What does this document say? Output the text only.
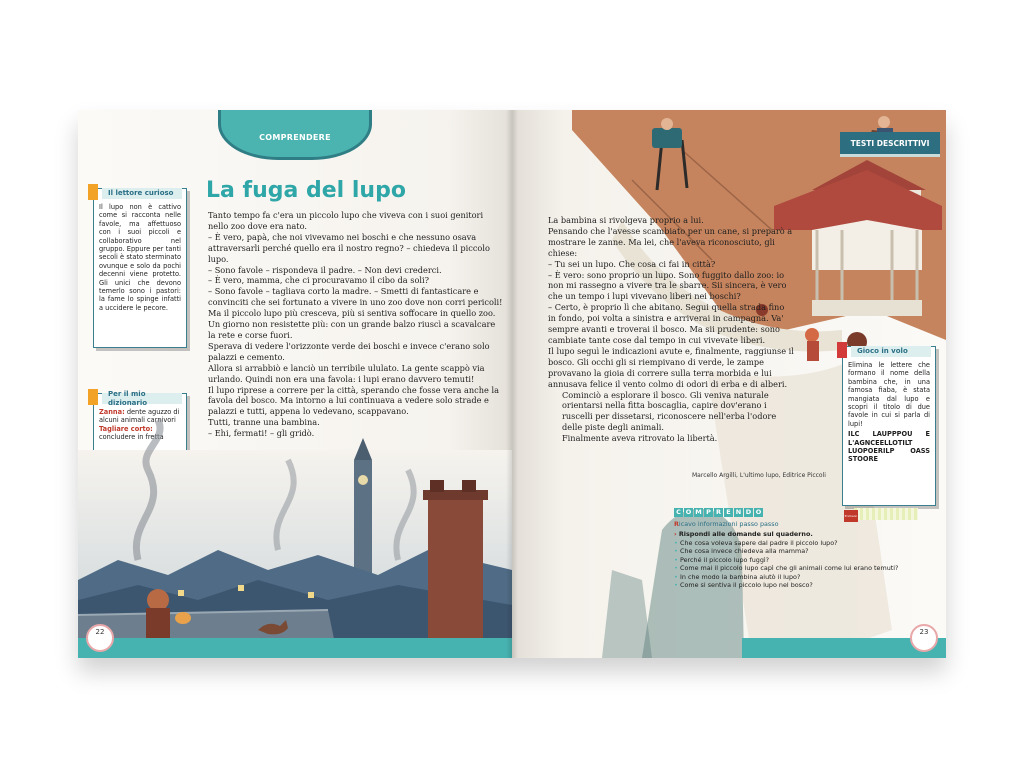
COMPRENDERE
La fuga del lupo

Tanto tempo fa c'era un piccolo lupo che viveva con i suoi genitori nello zoo dove era nato.

– È vero, papà, che noi vivevamo nei boschi e che nessuno osava attraversarli perché quello era il nostro regno? – chiedeva il piccolo lupo.

– Sono favole – rispondeva il padre. – Non devi crederci.

– È vero, mamma, che ci procuravamo il cibo da soli?

– Sono favole – tagliava corto la madre. – Smetti di fantasticare e convinciti che sei fortunato a vivere in uno zoo dove non corri pericoli!

Ma il piccolo lupo più cresceva, più si sentiva soffocare in quello zoo.

Un giorno non resistette più: con un grande balzo riuscì a scavalcare la rete e corse fuori.

Sperava di vedere l'orizzonte verde dei boschi e invece c'erano solo palazzi e cemento.

Allora si arrabbiò e lanciò un terribile ululato. La gente scappò via urlando. Quindi non era una favola: i lupi erano davvero temuti!

Il lupo riprese a correre per la città, sperando che fosse vera anche la favola del bosco. Ma intorno a lui continuava a vedere solo strade e palazzi e tutti, appena lo vedevano, scappavano.

Tutti, tranne una bambina.

– Ehi, fermati! – gli gridò.

Il lettore curioso
Il lupo non è cattivo come si racconta nelle favole, ma affettuoso con i suoi piccoli e collaborativo nel gruppo. Eppure per tanti secoli è stato sterminato ovunque e solo da pochi decenni viene protetto. Gli unici che devono temerlo sono i pastori: la fame lo spinge infatti a uccidere le pecore.
Per il mio dizionario
Zanna: dente aguzzo di alcuni animali carnivori
Tagliare corto: concludere in fretta
22
TESTI DESCRITTIVI

La bambina si rivolgeva proprio a lui.

Pensando che l'avesse scambiato per un cane, si preparò a mostrare le zanne. Ma lei, che l'aveva riconosciuto, gli chiese:

– Tu sei un lupo. Che cosa ci fai in città?

– È vero: sono proprio un lupo. Sono fuggito dallo zoo: io non mi rassegno a vivere tra le sbarre. Sii sincera, è vero che un tempo i lupi vivevano liberi nei boschi?

– Certo, è proprio lì che abitano. Segui quella strada fino in fondo, poi volta a sinistra e arriverai in campagna. Va' sempre avanti e troverai il bosco. Ma sii prudente: sono cambiate tante cose dal tempo in cui vivevate liberi.

Il lupo seguì le indicazioni avute e, finalmente, raggiunse il bosco. Gli occhi gli si riempivano di verde, le zampe provavano la gioia di correre sulla terra morbida e lui annusava felice il vento colmo di odori di erba e di alberi.

Cominciò a esplorare il bosco. Gli veniva naturale orientarsi nella fitta boscaglia, capire dov'erano i ruscelli per dissetarsi, riconoscere nell'erba l'odore delle piste degli animali.

Finalmente aveva ritrovato la libertà.

Marcello Argilli, L'ultimo lupo, Editrice Piccoli
Gioco in volo
Elimina le lettere che formano il nome della bambina che, in una famosa fiaba, è stata mangiata dal lupo e scopri il titolo di due favole in cui si parla di lupi!
ILC LAUPPPOU E L'AGNCEELLOTILT LUOPOERILP OASS STOORE
C O M P R E N D O	Erickson
Ricavo informazioni passo passo
› Rispondi alle domande sul quaderno.
• Che cosa voleva sapere dal padre il piccolo lupo?
• Che cosa invece chiedeva alla mamma?
• Perché il piccolo lupo fuggì?
• Come mai il piccolo lupo capì che gli animali come lui erano temuti?
• In che modo la bambina aiutò il lupo?
• Come si sentiva il piccolo lupo nel bosco?
23
